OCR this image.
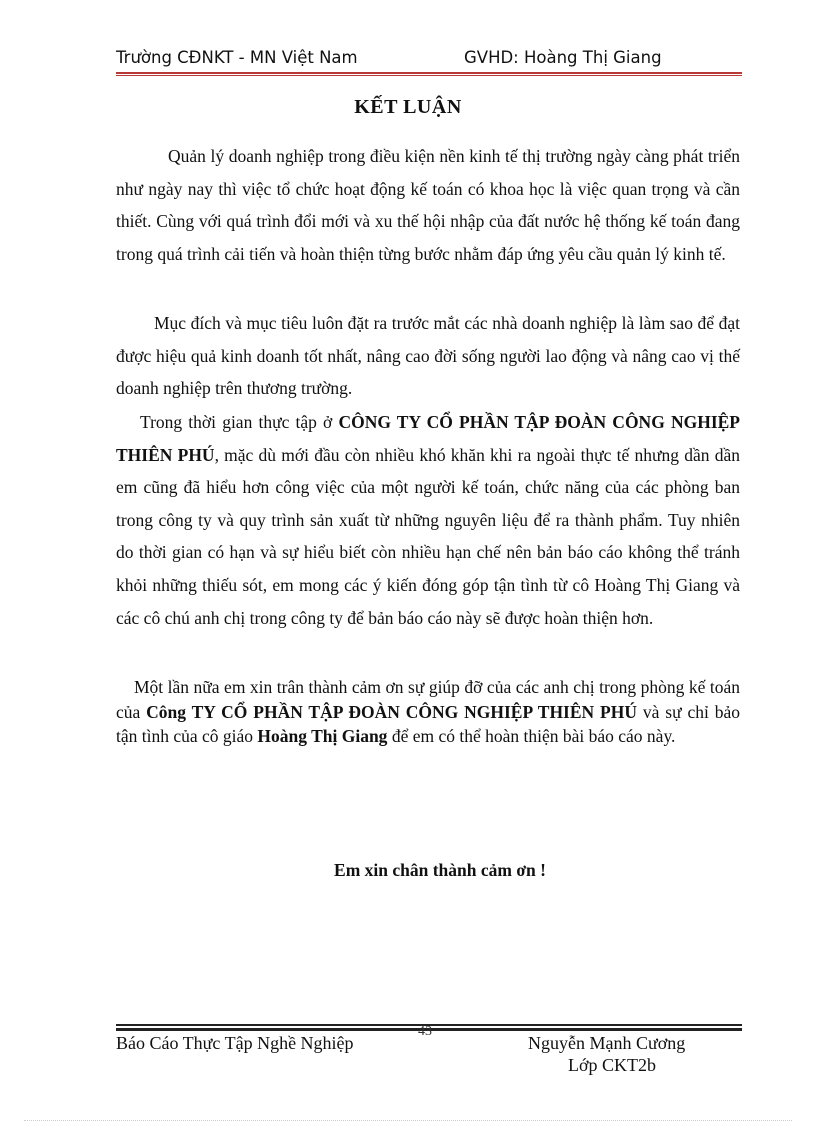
Trường CĐNKT - MN Việt Nam	GVHD: Hoàng Thị Giang
KẾT LUẬN
Quản lý doanh nghiệp trong điều kiện nền kinh tế thị trường ngày càng phát triển như ngày nay thì việc tổ chức hoạt động kế toán có khoa học là việc quan trọng và cần thiết. Cùng với quá trình đổi mới và xu thế hội nhập của đất nước hệ thống kế toán đang trong quá trình cải tiến và hoàn thiện từng bước nhằm đáp ứng yêu cầu quản lý kinh tế.
Mục đích và mục tiêu luôn đặt ra trước mắt các nhà doanh nghiệp là làm sao để đạt được hiệu quả kinh doanh tốt nhất, nâng cao đời sống người lao động và nâng cao vị thế doanh nghiệp trên thương trường.
Trong thời gian thực tập ở CÔNG TY CỔ PHẦN TẬP ĐOÀN CÔNG NGHIỆP THIÊN PHÚ, mặc dù mới đầu còn nhiều khó khăn khi ra ngoài thực tế nhưng dần dần em cũng đã hiểu hơn công việc của một người kế toán, chức năng của các phòng ban trong công ty và quy trình sản xuất từ những nguyên liệu để ra thành phẩm. Tuy nhiên do thời gian có hạn và sự hiểu biết còn nhiều hạn chế nên bản báo cáo không thể tránh khỏi những thiếu sót, em mong các ý kiến đóng góp tận tình từ cô Hoàng Thị Giang và các cô chú anh chị trong công ty để bản báo cáo này sẽ được hoàn thiện hơn.
Một lần nữa em xin trân thành cảm ơn sự giúp đỡ của các anh chị trong phòng kế toán của Công TY CỔ PHẦN TẬP ĐOÀN CÔNG NGHIỆP THIÊN PHÚ và sự chỉ bảo tận tình của cô giáo Hoàng Thị Giang để em có thể hoàn thiện bài báo cáo này.
Em xin chân thành cảm ơn !
43
Báo Cáo Thực Tập Nghề Nghiệp	Nguyễn Mạnh Cương
Lớp CKT2b
